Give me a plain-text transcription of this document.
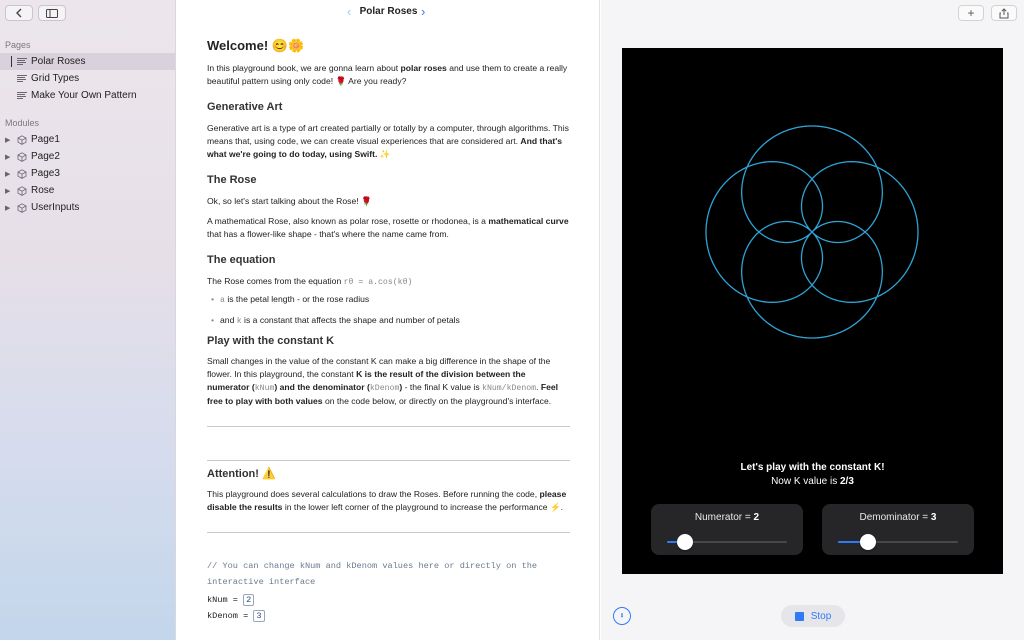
Pages
Polar Roses
Grid Types
Make Your Own Pattern
Modules
▶ Page1
▶ Page2
▶ Page3
▶ Rose
▶ UserInputs
‹ Polar Roses ›
Welcome! 😊🌼
In this playground book, we are gonna learn about polar roses and use them to create a really beautiful pattern using only code! 🌹 Are you ready?
Generative Art
Generative art is a type of art created partially or totally by a computer, through algorithms. This means that, using code, we can create visual experiences that are considered art. And that's what we're going to do today, using Swift. ✨
The Rose
Ok, so let's start talking about the Rose! 🌹
A mathematical Rose, also known as polar rose, rosette or rhodonea, is a mathematical curve that has a flower-like shape - that's where the name came from.
The equation
The Rose comes from the equation rθ = a.cos(kθ)
• a is the petal length - or the rose radius
• and k is a constant that affects the shape and number of petals
Play with the constant K
Small changes in the value of the constant K can make a big difference in the shape of the flower. In this playground, the constant K is the result of the division between the numerator (kNum) and the denominator (kDenom) - the final K value is kNum/kDenom. Feel free to play with both values on the code below, or directly on the playground's interface.
Attention! ⚠️
This playground does several calculations to draw the Roses. Before running the code, please disable the results in the lower left corner of the playground to increase the performance ⚡.
// You can change kNum and kDenom values here or directly on the
interactive interface
kNum = 2
kDenom = 3
+
Let's play with the constant K!
Now K value is 2/3
Numerator = 2	Demominator = 3
Stop
